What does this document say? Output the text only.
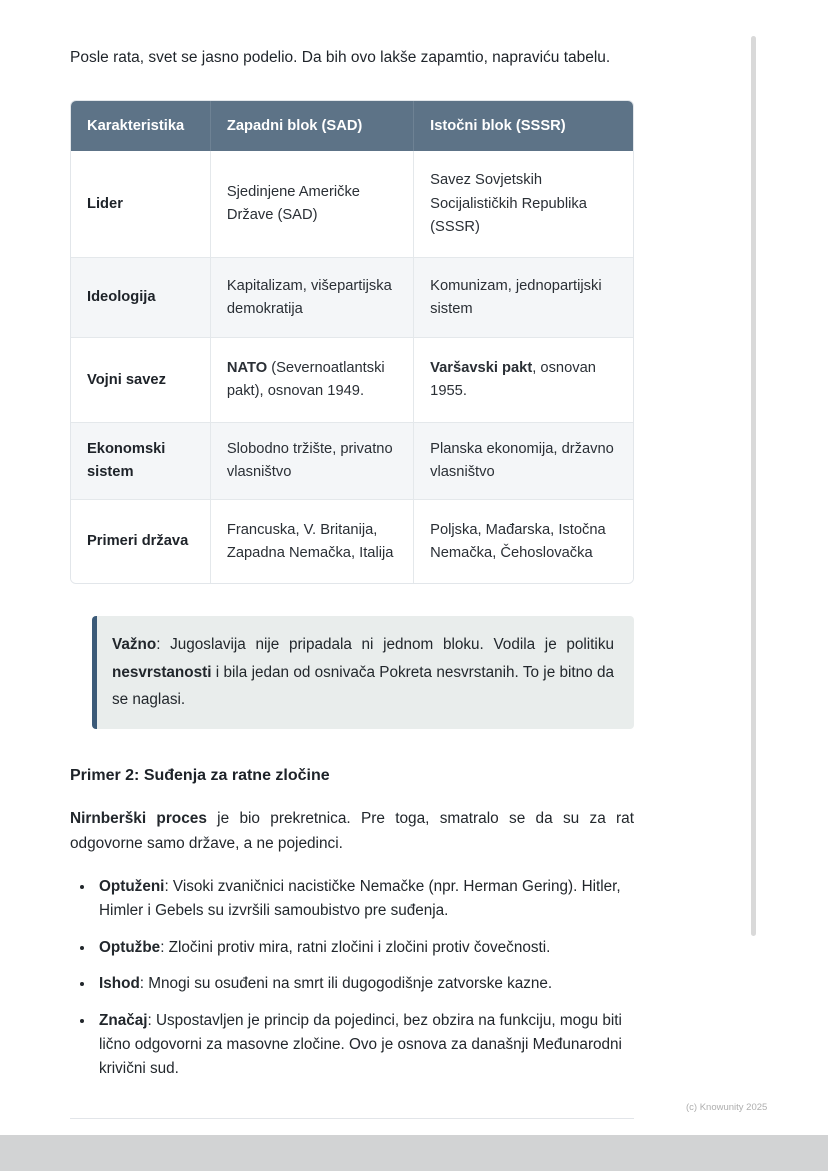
Posle rata, svet se jasno podelio. Da bih ovo lakše zapamtio, napraviću tabelu.

Karakteristika	Zapadni blok (SAD)	Istočni blok (SSSR)
Lider	Sjedinjene Američke Države (SAD)	Savez Sovjetskih Socijalističkih Republika (SSSR)
Ideologija	Kapitalizam, višepartijska demokratija	Komunizam, jednopartijski sistem
Vojni savez	NATO (Severnoatlantski pakt), osnovan 1949.	Varšavski pakt, osnovan 1955.
Ekonomski sistem	Slobodno tržište, privatno vlasništvo	Planska ekonomija, državno vlasništvo
Primeri država	Francuska, V. Britanija, Zapadna Nemačka, Italija	Poljska, Mađarska, Istočna Nemačka, Čehoslovačka
Važno: Jugoslavija nije pripadala ni jednom bloku. Vodila je politiku nesvrstanosti i bila jedan od osnivača Pokreta nesvrstanih. To je bitno da se naglasi.
Primer 2: Suđenja za ratne zločine

Nirnberški proces je bio prekretnica. Pre toga, smatralo se da su za rat odgovorne samo države, a ne pojedinci.

• Optuženi: Visoki zvaničnici nacističke Nemačke (npr. Herman Gering). Hitler, Himler i Gebels su izvršili samoubistvo pre suđenja.
• Optužbe: Zločini protiv mira, ratni zločini i zločini protiv čovečnosti.
• Ishod: Mnogi su osuđeni na smrt ili dugogodišnje zatvorske kazne.
• Značaj: Uspostavljen je princip da pojedinci, bez obzira na funkciju, mogu biti lično odgovorni za masovne zločine. Ovo je osnova za današnji Međunarodni krivični sud.
(c) Knowunity 2025
